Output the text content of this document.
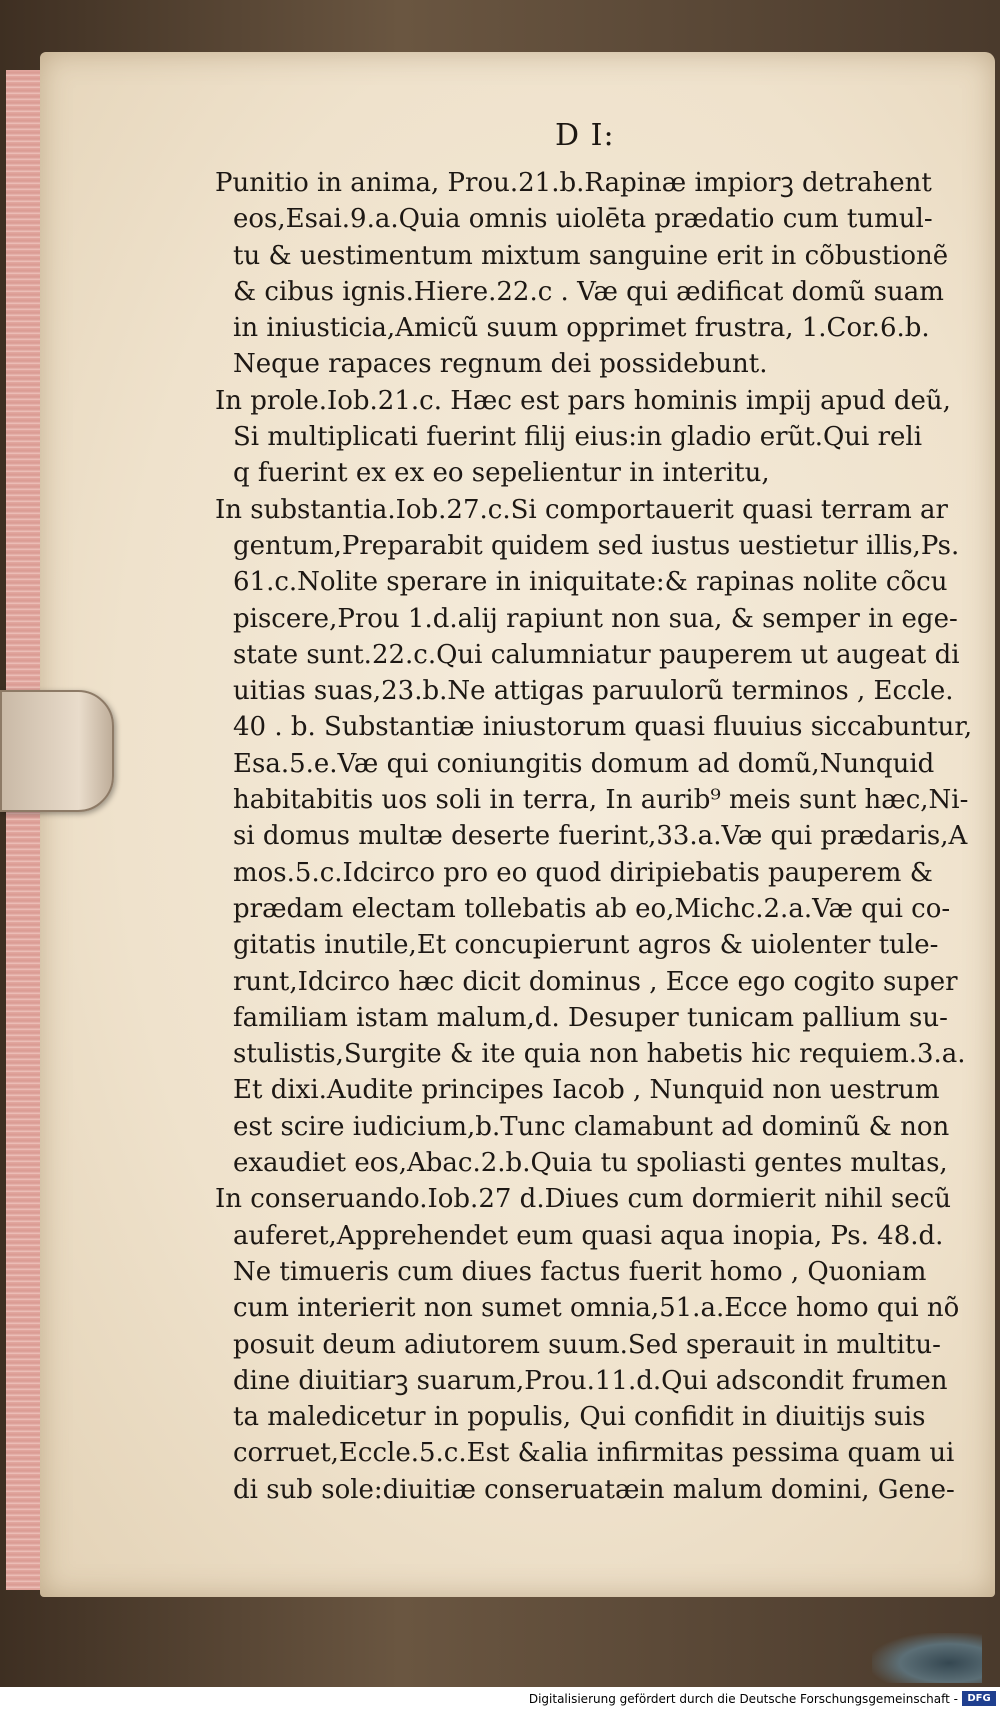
D I:
Punitio in anima, Prou.21.b.Rapinæ impiorꝫ detrahent
eos,Esai.9.a.Quia omnis uiolēta prædatio cum tumul-
tu & uestimentum mixtum sanguine erit in cõbustionẽ
& cibus ignis.Hiere.22.c . Væ qui ædificat domũ suam
in iniusticia,Amicũ suum opprimet frustra, 1.Cor.6.b.
Neque rapaces regnum dei possidebunt.
In prole.Iob.21.c. Hæc est pars hominis impij apud deũ,
Si multiplicati fuerint filij eius:in gladio erũt.Qui reli
q fuerint ex ex eo sepelientur in interitu,
In substantia.Iob.27.c.Si comportauerit quasi terram ar
gentum,Preparabit quidem sed iustus uestietur illis,Ps.
61.c.Nolite sperare in iniquitate:& rapinas nolite cõcu
piscere,Prou 1.d.alij rapiunt non sua, & semper in ege-
state sunt.22.c.Qui calumniatur pauperem ut augeat di
uitias suas,23.b.Ne attigas paruulorũ terminos , Eccle.
40 . b. Substantiæ iniustorum quasi fluuius siccabuntur,
Esa.5.e.Væ qui coniungitis domum ad domũ,Nunquid
habitabitis uos soli in terra, In aurib⁹ meis sunt hæc,Ni-
si domus multæ deserte fuerint,33.a.Væ qui prædaris,A
mos.5.c.Idcirco pro eo quod diripiebatis pauperem &
prædam electam tollebatis ab eo,Michc.2.a.Væ qui co-
gitatis inutile,Et concupierunt agros & uiolenter tule-
runt,Idcirco hæc dicit dominus , Ecce ego cogito super
familiam istam malum,d. Desuper tunicam pallium su-
stulistis,Surgite & ite quia non habetis hic requiem.3.a.
Et dixi.Audite principes Iacob , Nunquid non uestrum
est scire iudicium,b.Tunc clamabunt ad dominũ & non
exaudiet eos,Abac.2.b.Quia tu spoliasti gentes multas,
In conseruando.Iob.27 d.Diues cum dormierit nihil secũ
auferet,Apprehendet eum quasi aqua inopia, Ps. 48.d.
Ne timueris cum diues factus fuerit homo , Quoniam
cum interierit non sumet omnia,51.a.Ecce homo qui nõ
posuit deum adiutorem suum.Sed sperauit in multitu-
dine diuitiarꝫ suarum,Prou.11.d.Qui adscondit frumen
ta maledicetur in populis, Qui confidit in diuitijs suis
corruet,Eccle.5.c.Est &alia infirmitas pessima quam ui
di sub sole:diuitiæ conseruatæin malum domini, Gene-
Digitalisierung gefördert durch die Deutsche Forschungsgemeinschaft - DFG
